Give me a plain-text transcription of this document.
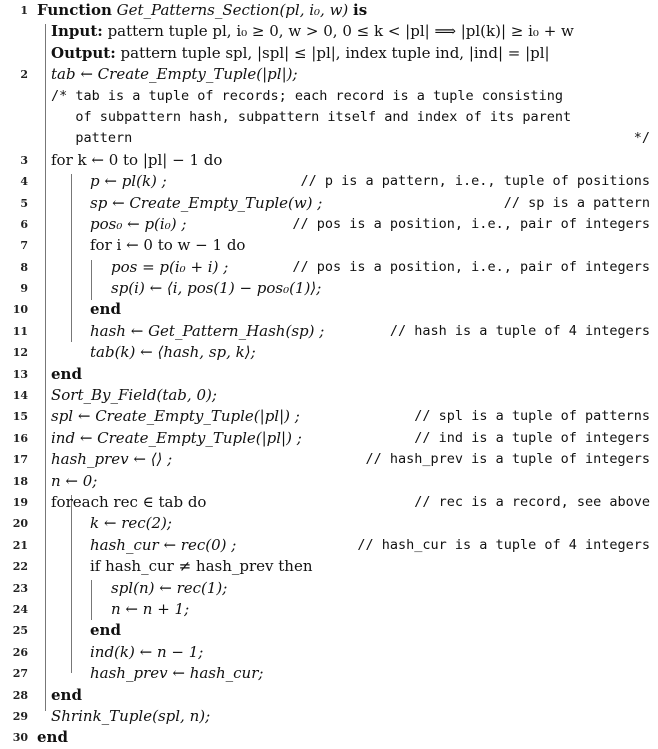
1 Function Get_Patterns_Section(pl, i₀, w) is
Input: pattern tuple pl, i₀ ≥ 0, w > 0, 0 ≤ k < |pl| ⟹ |pl(k)| ≥ i₀ + w
Output: pattern tuple spl, |spl| ≤ |pl|, index tuple ind, |ind| = |pl|
2 tab ← Create_Empty_Tuple(|pl|);
/* tab is a tuple of records; each record is a tuple consisting
of subpattern hash, subpattern itself and index of its parent
pattern	*/
3 for k ← 0 to |pl| − 1 do
4	p ← pl(k) ;	// p is a pattern, i.e., tuple of positions
5	sp ← Create_Empty_Tuple(w) ;	// sp is a pattern
6	pos₀ ← p(i₀) ;	// pos is a position, i.e., pair of integers
7	for i ← 0 to w − 1 do
8	pos = p(i₀ + i) ;	// pos is a position, i.e., pair of integers
9	sp(i) ← ⟨i, pos(1) − pos₀(1)⟩;
10	end
11	hash ← Get_Pattern_Hash(sp) ;	// hash is a tuple of 4 integers
12	tab(k) ← ⟨hash, sp, k⟩;
13 end
14 Sort_By_Field(tab, 0);
15 spl ← Create_Empty_Tuple(|pl|) ;	// spl is a tuple of patterns
16 ind ← Create_Empty_Tuple(|pl|) ;	// ind is a tuple of integers
17 hash_prev ← ⟨⟩ ;	// hash_prev is a tuple of integers
18 n ← 0;
19 foreach rec ∈ tab do	// rec is a record, see above
20	k ← rec(2);
21	hash_cur ← rec(0) ;	// hash_cur is a tuple of 4 integers
22	if hash_cur ≠ hash_prev then
23	spl(n) ← rec(1);
24	n ← n + 1;
25	end
26	ind(k) ← n − 1;
27	hash_prev ← hash_cur;
28 end
29 Shrink_Tuple(spl, n);
30 end
